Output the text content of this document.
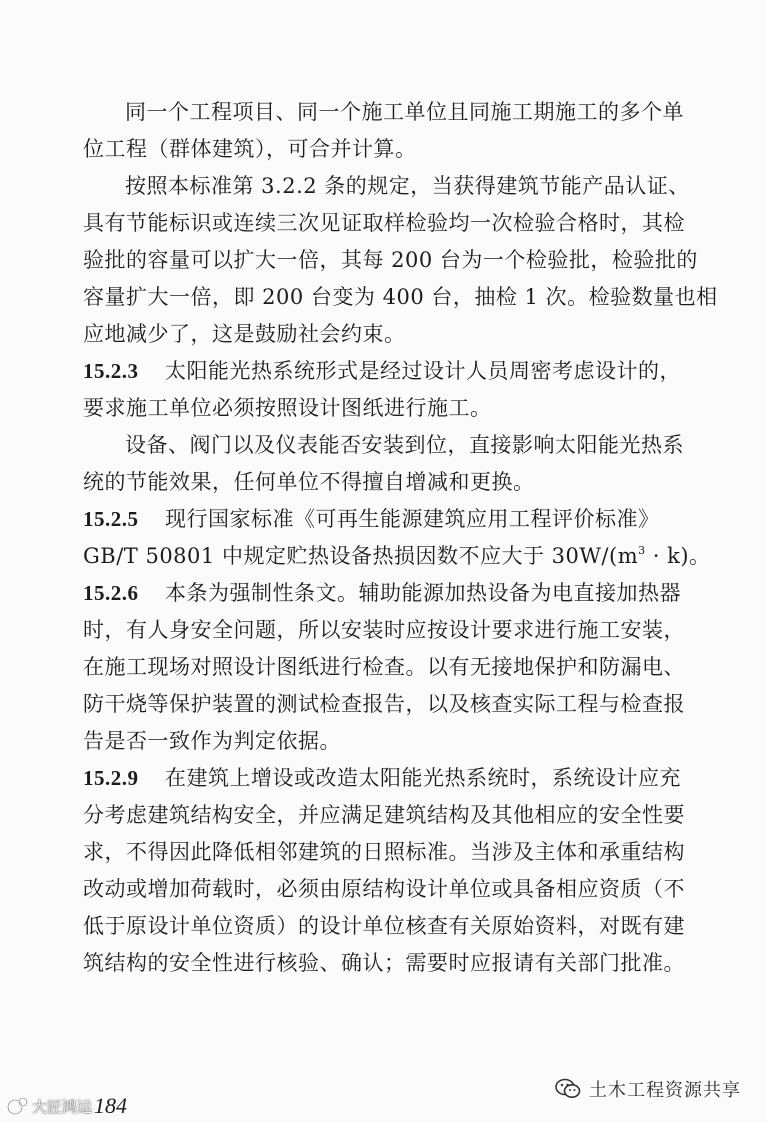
同一个工程项目、同一个施工单位且同施工期施工的多个单
位工程（群体建筑），可合并计算。
按照本标准第 3.2.2 条的规定，当获得建筑节能产品认证、
具有节能标识或连续三次见证取样检验均一次检验合格时，其检
验批的容量可以扩大一倍，其每 200 台为一个检验批，检验批的
容量扩大一倍，即 200 台变为 400 台，抽检 1 次。检验数量也相
应地减少了，这是鼓励社会约束。
15.2.3 太阳能光热系统形式是经过设计人员周密考虑设计的，
要求施工单位必须按照设计图纸进行施工。
设备、阀门以及仪表能否安装到位，直接影响太阳能光热系
统的节能效果，任何单位不得擅自增减和更换。
15.2.5 现行国家标准《可再生能源建筑应用工程评价标准》
GB/T 50801 中规定贮热设备热损因数不应大于 $30W/(m^3 \cdot k)$。
15.2.6 本条为强制性条文。辅助能源加热设备为电直接加热器
时，有人身安全问题，所以安装时应按设计要求进行施工安装，
在施工现场对照设计图纸进行检查。以有无接地保护和防漏电、
防干烧等保护装置的测试检查报告，以及核查实际工程与检查报
告是否一致作为判定依据。
15.2.9 在建筑上增设或改造太阳能光热系统时，系统设计应充
分考虑建筑结构安全，并应满足建筑结构及其他相应的安全性要
求，不得因此降低相邻建筑的日照标准。当涉及主体和承重结构
改动或增加荷载时，必须由原结构设计单位或具备相应资质（不
低于原设计单位资质）的设计单位核查有关原始资料，对既有建
筑结构的安全性进行核验、确认；需要时应报请有关部门批准。
土木工程资源共享
大匠鸿运 184
